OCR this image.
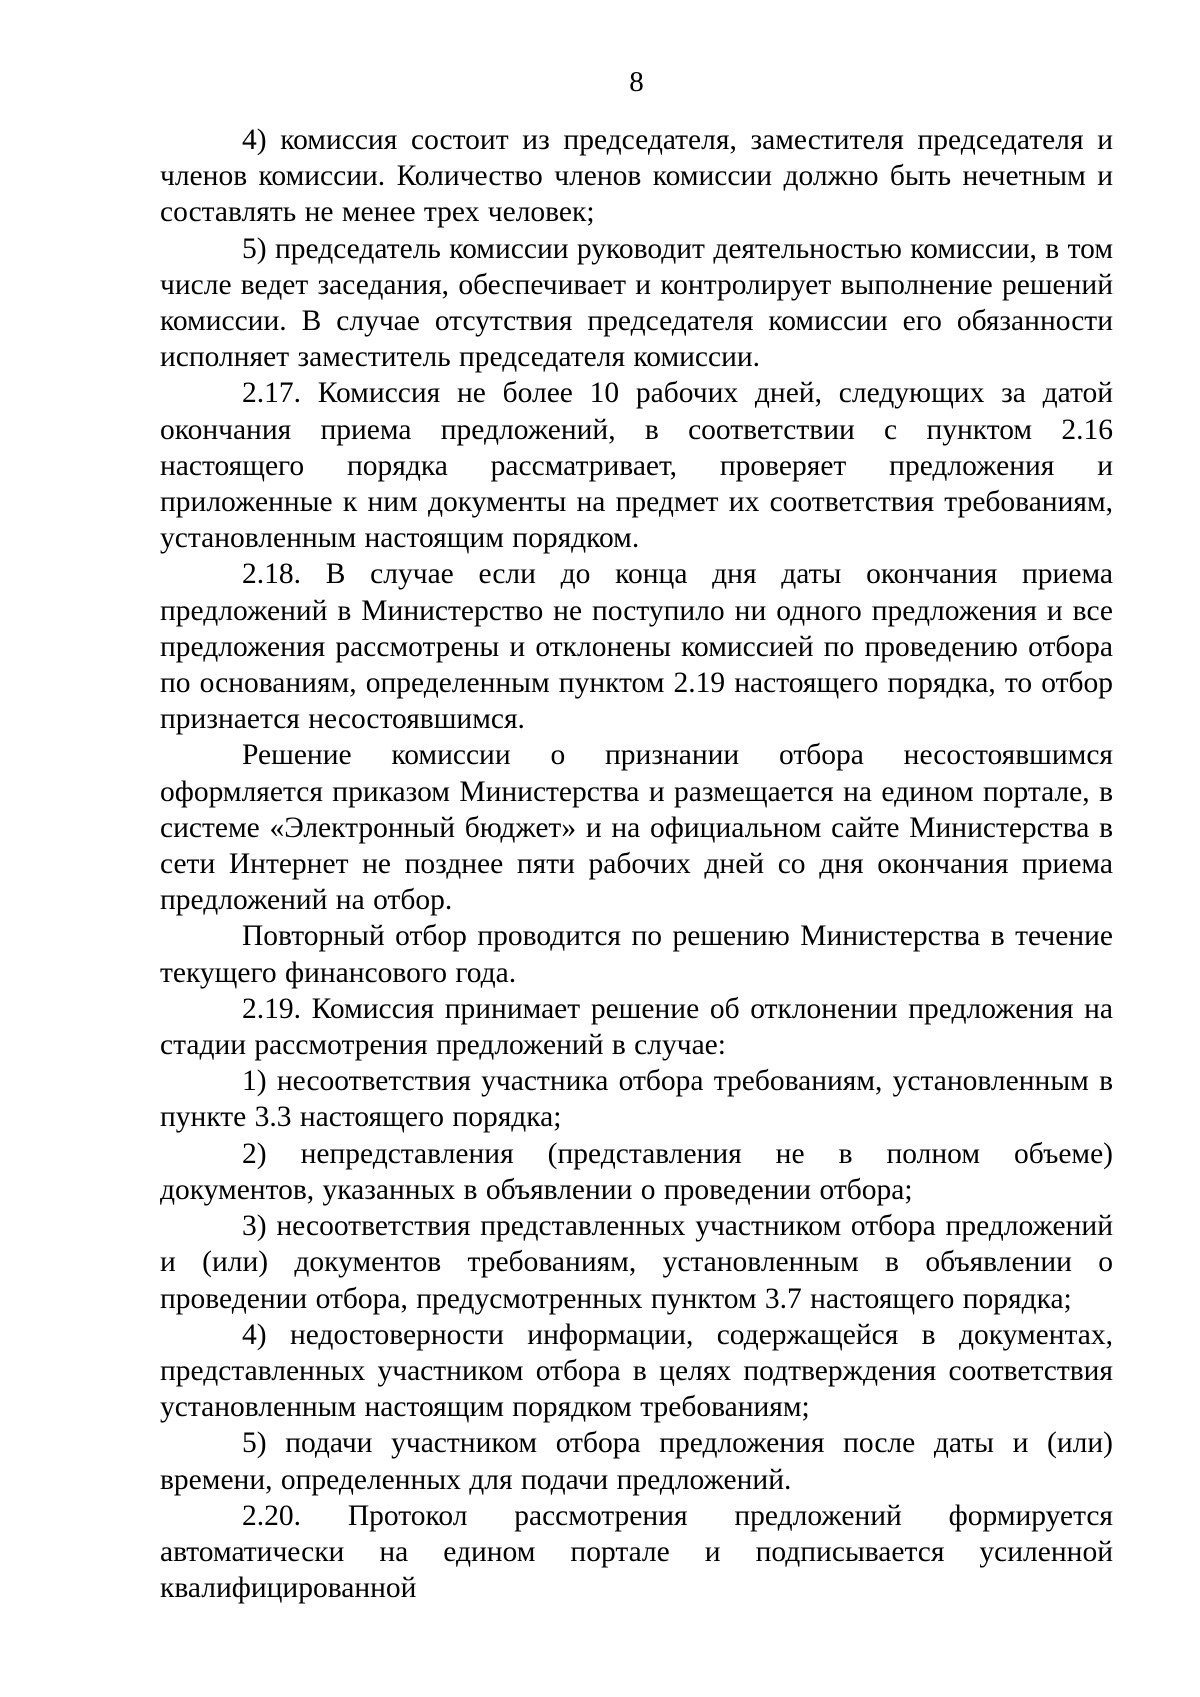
8

4) комиссия состоит из председателя, заместителя председателя и членов комиссии. Количество членов комиссии должно быть нечетным и составлять не менее трех человек;

5) председатель комиссии руководит деятельностью комиссии, в том числе ведет заседания, обеспечивает и контролирует выполнение решений комиссии. В случае отсутствия председателя комиссии его обязанности исполняет заместитель председателя комиссии.

2.17. Комиссия не более 10 рабочих дней, следующих за датой окончания приема предложений, в соответствии с пунктом 2.16 настоящего порядка рассматривает, проверяет предложения и приложенные к ним документы на предмет их соответствия требованиям, установленным настоящим порядком.

2.18. В случае если до конца дня даты окончания приема предложений в Министерство не поступило ни одного предложения и все предложения рассмотрены и отклонены комиссией по проведению отбора по основаниям, определенным пунктом 2.19 настоящего порядка, то отбор признается несостоявшимся.

Решение комиссии о признании отбора несостоявшимся оформляется приказом Министерства и размещается на едином портале, в системе «Электронный бюджет» и на официальном сайте Министерства в сети Интернет не позднее пяти рабочих дней со дня окончания приема предложений на отбор.

Повторный отбор проводится по решению Министерства в течение текущего финансового года.

2.19. Комиссия принимает решение об отклонении предложения на стадии рассмотрения предложений в случае:

1) несоответствия участника отбора требованиям, установленным в пункте 3.3 настоящего порядка;

2) непредставления (представления не в полном объеме) документов, указанных в объявлении о проведении отбора;

3) несоответствия представленных участником отбора предложений и (или) документов требованиям, установленным в объявлении о проведении отбора, предусмотренных пунктом 3.7 настоящего порядка;

4) недостоверности информации, содержащейся в документах, представленных участником отбора в целях подтверждения соответствия установленным настоящим порядком требованиям;

5) подачи участником отбора предложения после даты и (или) времени, определенных для подачи предложений.

2.20. Протокол рассмотрения предложений формируется автоматически на едином портале и подписывается усиленной квалифицированной
